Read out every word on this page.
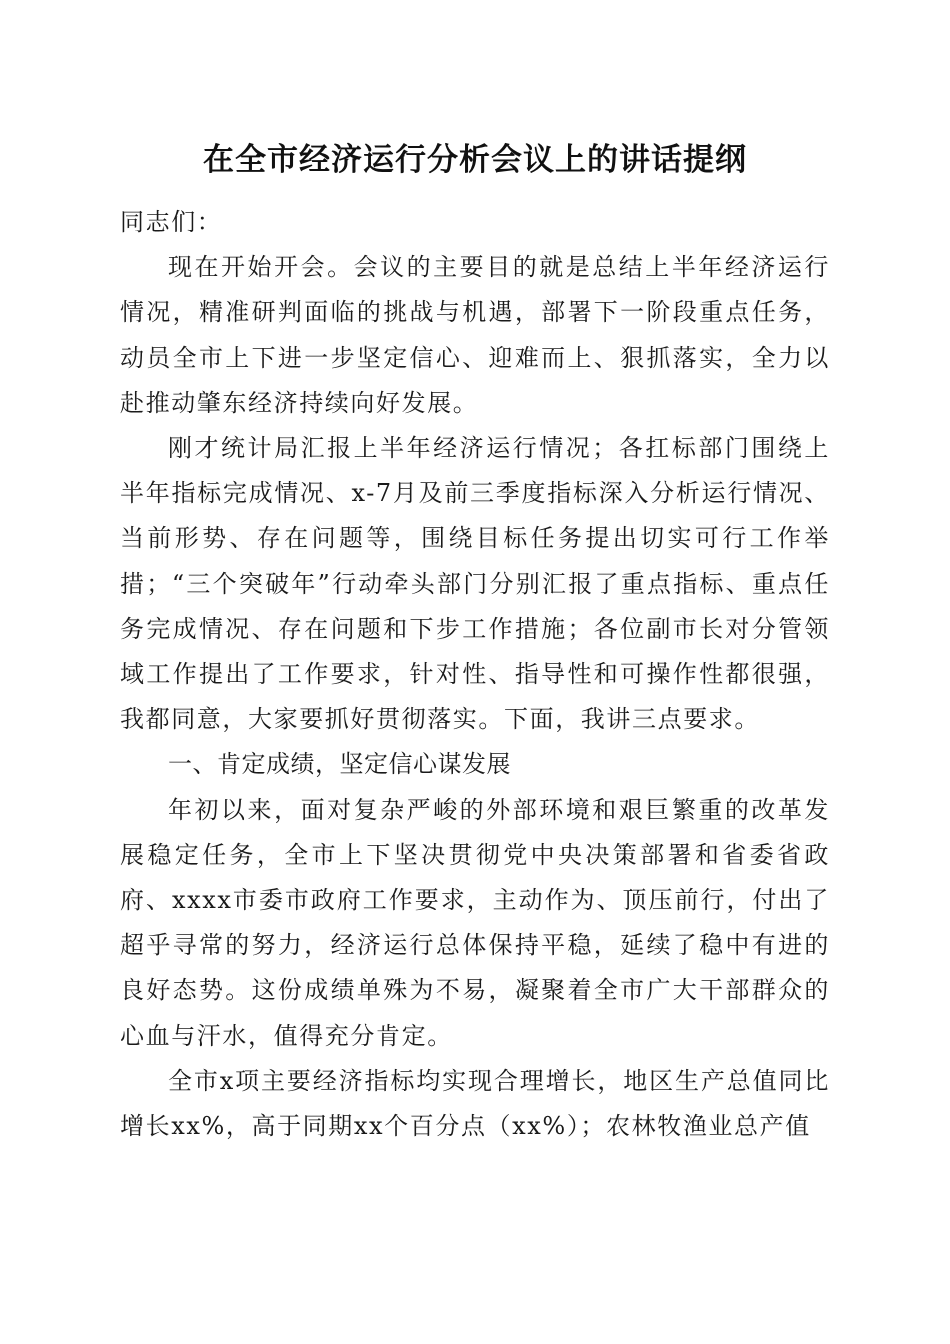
在全市经济运行分析会议上的讲话提纲

同志们：

现在开始开会。会议的主要目的就是总结上半年经济运行情况，精准研判面临的挑战与机遇，部署下一阶段重点任务，动员全市上下进一步坚定信心、迎难而上、狠抓落实，全力以赴推动肇东经济持续向好发展。

刚才统计局汇报上半年经济运行情况；各扛标部门围绕上半年指标完成情况、x-7月及前三季度指标深入分析运行情况、当前形势、存在问题等，围绕目标任务提出切实可行工作举措；“三个突破年”行动牵头部门分别汇报了重点指标、重点任务完成情况、存在问题和下步工作措施；各位副市长对分管领域工作提出了工作要求，针对性、指导性和可操作性都很强，我都同意，大家要抓好贯彻落实。下面，我讲三点要求。

一、肯定成绩，坚定信心谋发展

年初以来，面对复杂严峻的外部环境和艰巨繁重的改革发展稳定任务，全市上下坚决贯彻党中央决策部署和省委省政府、xxxx市委市政府工作要求，主动作为、顶压前行，付出了超乎寻常的努力，经济运行总体保持平稳，延续了稳中有进的良好态势。这份成绩单殊为不易，凝聚着全市广大干部群众的心血与汗水，值得充分肯定。

全市x项主要经济指标均实现合理增长，地区生产总值同比增长xx%，高于同期xx个百分点（xx%）；农林牧渔业总产值
